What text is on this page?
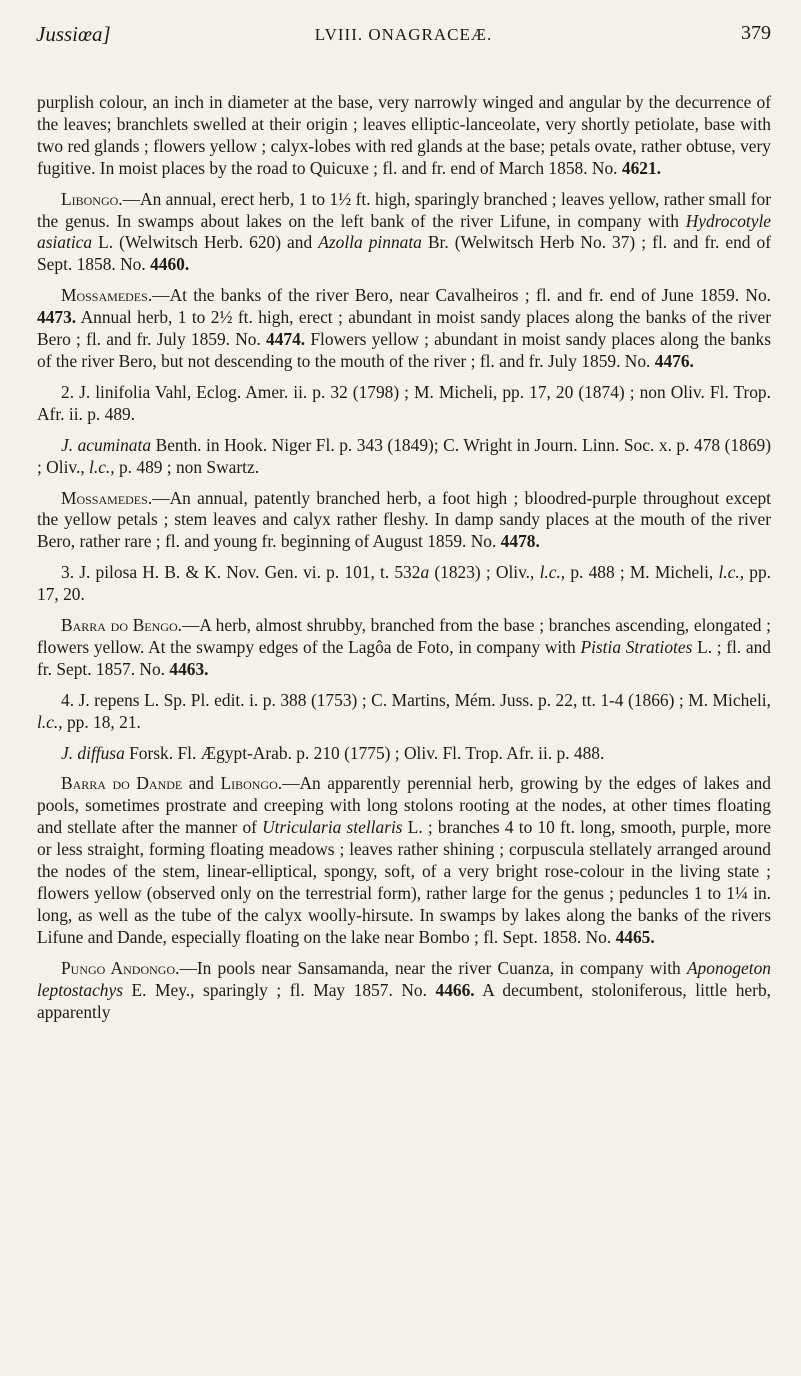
Jussiœa]	LVIII. ONAGRACEÆ.	379

purplish colour, an inch in diameter at the base, very narrowly winged and angular by the decurrence of the leaves; branchlets swelled at their origin ; leaves elliptic-lanceolate, very shortly petiolate, base with two red glands ; flowers yellow ; calyx-lobes with red glands at the base; petals ovate, rather obtuse, very fugitive. In moist places by the road to Quicuxe ; fl. and fr. end of March 1858. No. 4621.

Libongo.—An annual, erect herb, 1 to 1½ ft. high, sparingly branched ; leaves yellow, rather small for the genus. In swamps about lakes on the left bank of the river Lifune, in company with Hydrocotyle asiatica L. (Welwitsch Herb. 620) and Azolla pinnata Br. (Welwitsch Herb No. 37) ; fl. and fr. end of Sept. 1858. No. 4460.

Mossamedes.—At the banks of the river Bero, near Cavalheiros ; fl. and fr. end of June 1859. No. 4473. Annual herb, 1 to 2½ ft. high, erect ; abundant in moist sandy places along the banks of the river Bero ; fl. and fr. July 1859. No. 4474. Flowers yellow ; abundant in moist sandy places along the banks of the river Bero, but not descending to the mouth of the river ; fl. and fr. July 1859. No. 4476.

2. J. linifolia Vahl, Eclog. Amer. ii. p. 32 (1798) ; M. Micheli, pp. 17, 20 (1874) ; non Oliv. Fl. Trop. Afr. ii. p. 489.

J. acuminata Benth. in Hook. Niger Fl. p. 343 (1849); C. Wright in Journ. Linn. Soc. x. p. 478 (1869) ; Oliv., l.c., p. 489 ; non Swartz.

Mossamedes.—An annual, patently branched herb, a foot high ; bloodred-purple throughout except the yellow petals ; stem leaves and calyx rather fleshy. In damp sandy places at the mouth of the river Bero, rather rare ; fl. and young fr. beginning of August 1859. No. 4478.

3. J. pilosa H. B. & K. Nov. Gen. vi. p. 101, t. 532a (1823) ; Oliv., l.c., p. 488 ; M. Micheli, l.c., pp. 17, 20.

Barra do Bengo.—A herb, almost shrubby, branched from the base ; branches ascending, elongated ; flowers yellow. At the swampy edges of the Lagôa de Foto, in company with Pistia Stratiotes L. ; fl. and fr. Sept. 1857. No. 4463.

4. J. repens L. Sp. Pl. edit. i. p. 388 (1753) ; C. Martins, Mém. Juss. p. 22, tt. 1-4 (1866) ; M. Micheli, l.c., pp. 18, 21.

J. diffusa Forsk. Fl. Ægypt-Arab. p. 210 (1775) ; Oliv. Fl. Trop. Afr. ii. p. 488.

Barra do Dande and Libongo.—An apparently perennial herb, growing by the edges of lakes and pools, sometimes prostrate and creeping with long stolons rooting at the nodes, at other times floating and stellate after the manner of Utricularia stellaris L. ; branches 4 to 10 ft. long, smooth, purple, more or less straight, forming floating meadows ; leaves rather shining ; corpuscula stellately arranged around the nodes of the stem, linear-elliptical, spongy, soft, of a very bright rose-colour in the living state ; flowers yellow (observed only on the terrestrial form), rather large for the genus ; peduncles 1 to 1¼ in. long, as well as the tube of the calyx woolly-hirsute. In swamps by lakes along the banks of the rivers Lifune and Dande, especially floating on the lake near Bombo ; fl. Sept. 1858. No. 4465.

Pungo Andongo.—In pools near Sansamanda, near the river Cuanza, in company with Aponogeton leptostachys E. Mey., sparingly ; fl. May 1857. No. 4466. A decumbent, stoloniferous, little herb, apparently
